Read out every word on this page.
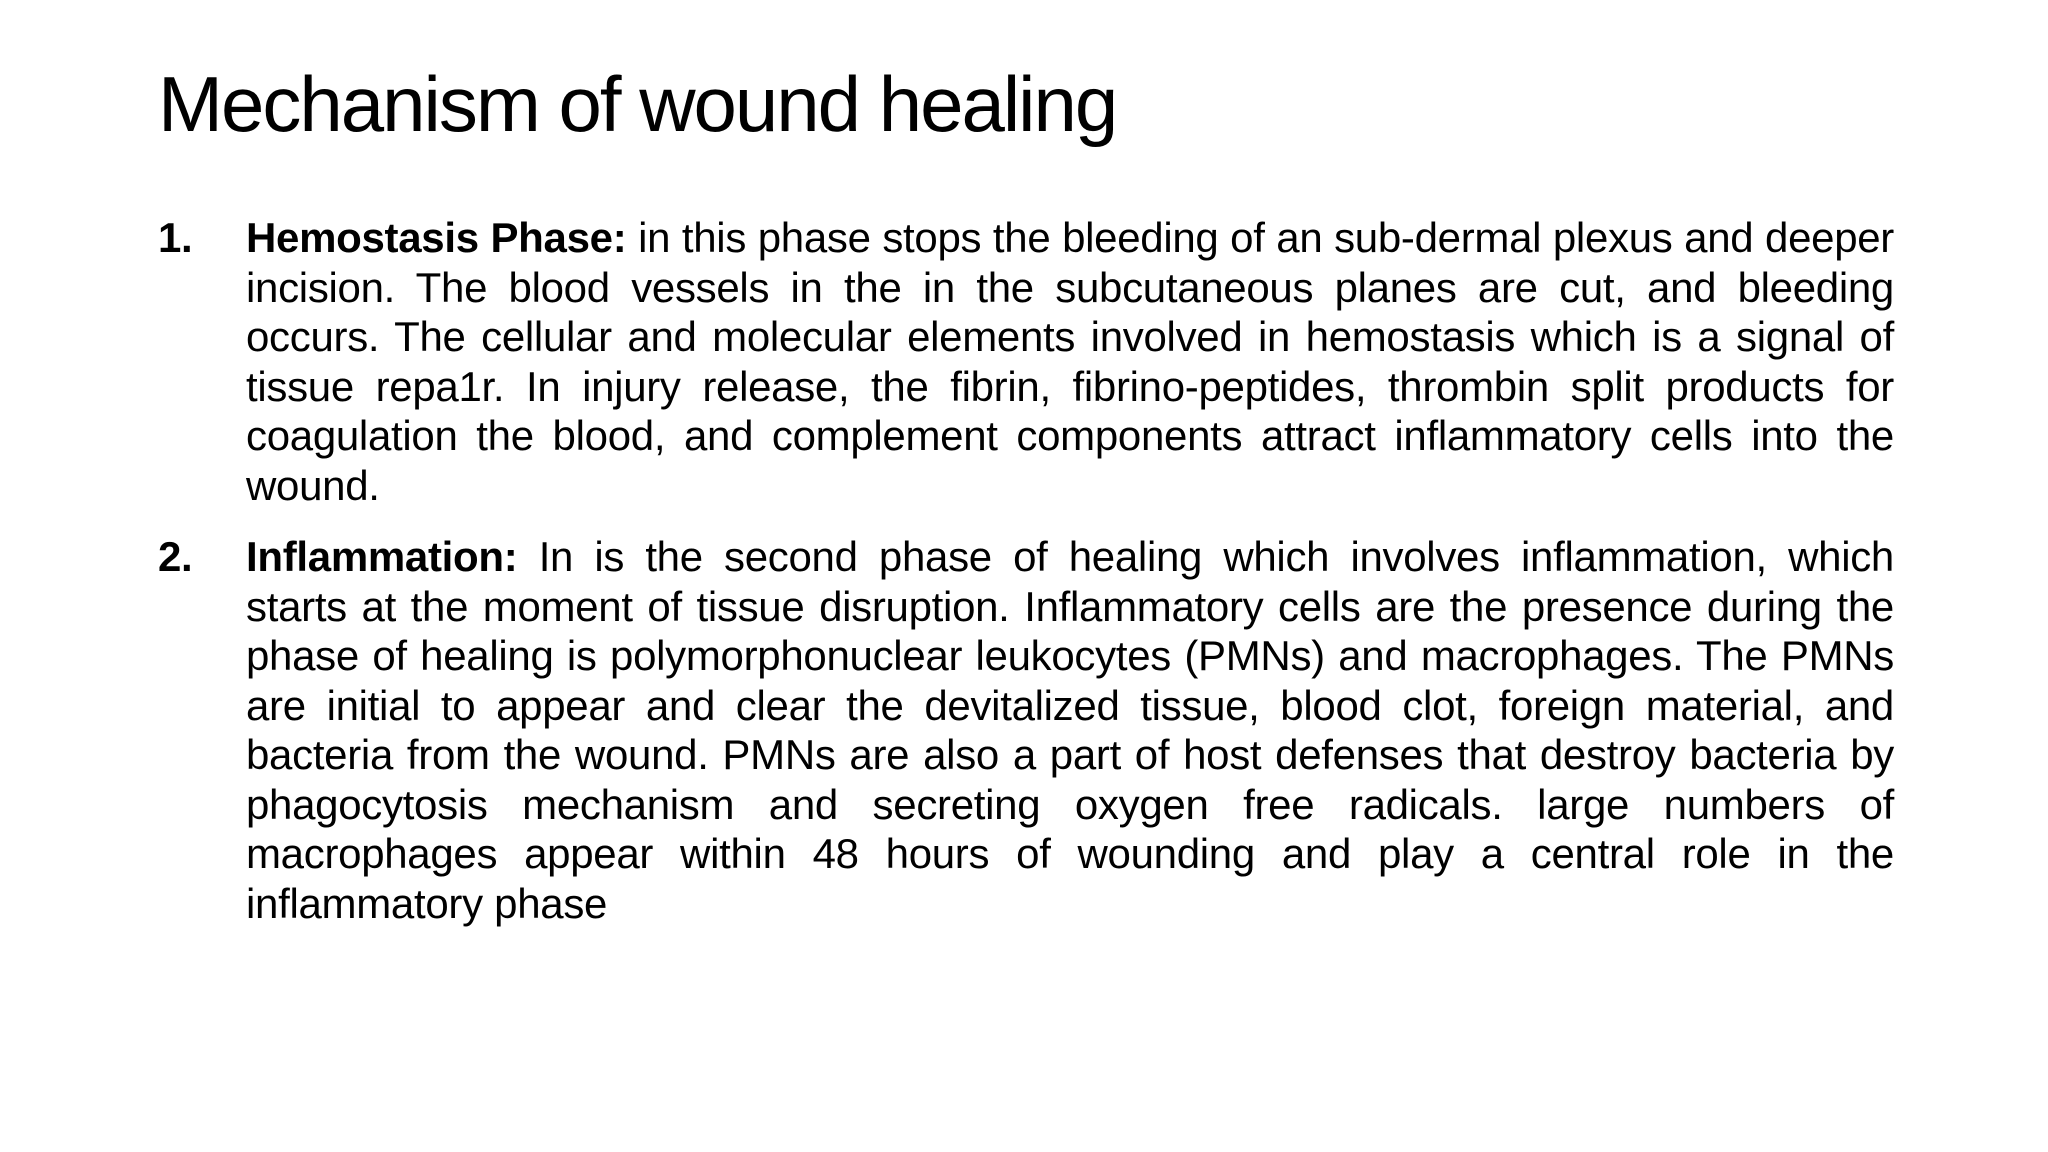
Mechanism of wound healing
1. Hemostasis Phase: in this phase stops the bleeding of an sub-dermal plexus and deeper incision. The blood vessels in the in the subcutaneous planes are cut, and bleeding occurs. The cellular and molecular elements involved in hemostasis which is a signal of tissue repa1r. In injury release, the fibrin, fibrino-peptides, thrombin split products for coagulation the blood, and complement components attract inflammatory cells into the wound.
2. Inflammation: In is the second phase of healing which involves inflammation, which starts at the moment of tissue disruption. Inflammatory cells are the presence during the phase of healing is polymorphonuclear leukocytes (PMNs) and macrophages. The PMNs are initial to appear and clear the devitalized tissue, blood clot, foreign material, and bacteria from the wound. PMNs are also a part of host defenses that destroy bacteria by phagocytosis mechanism and secreting oxygen free radicals. large numbers of macrophages appear within 48 hours of wounding and play a central role in the inflammatory phase
